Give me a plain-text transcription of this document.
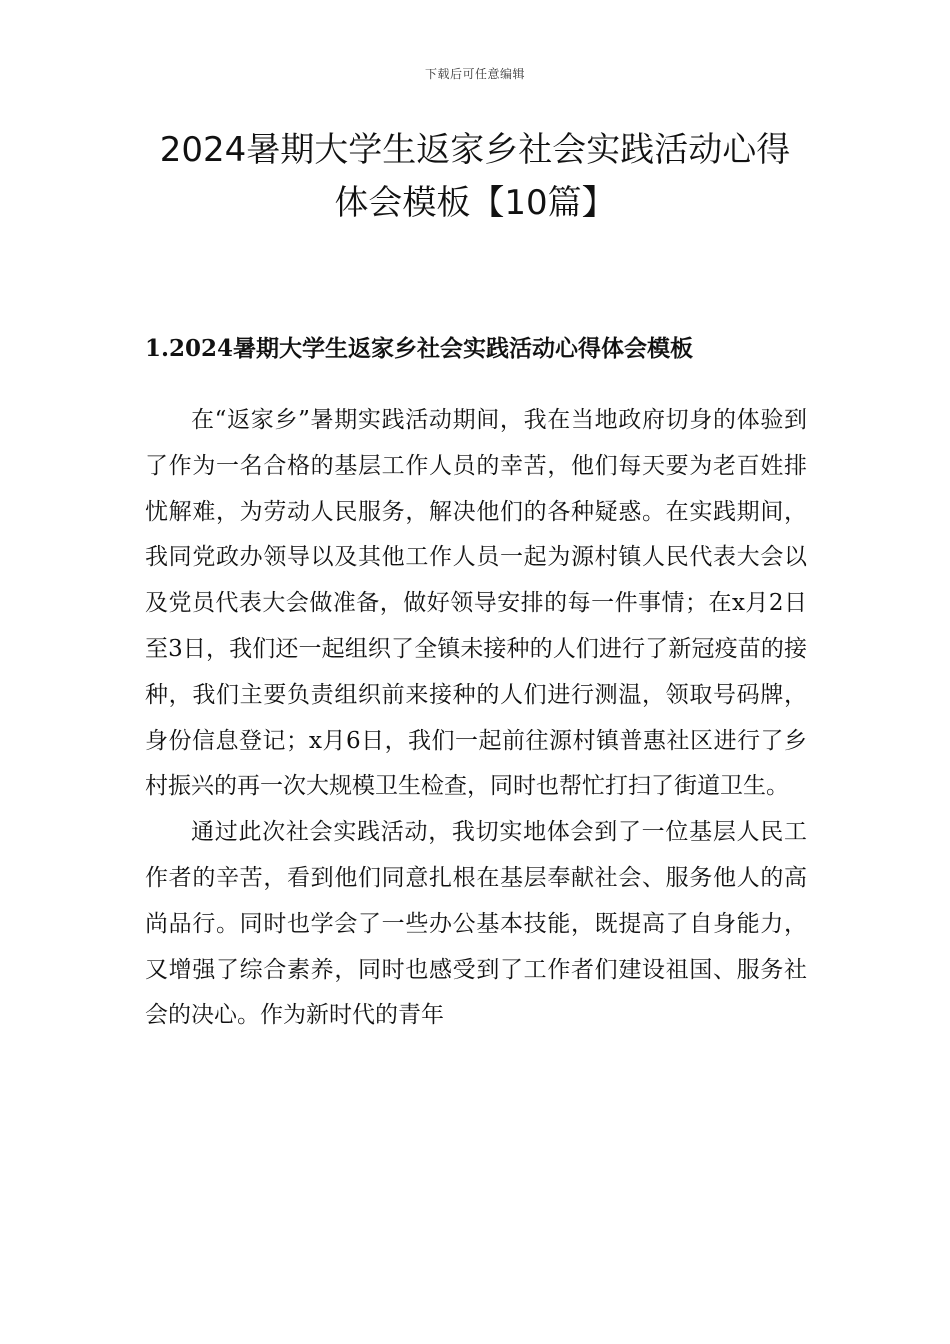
下载后可任意编辑
2024暑期大学生返家乡社会实践活动心得体会模板【10篇】
1.2024暑期大学生返家乡社会实践活动心得体会模板

在“返家乡”暑期实践活动期间，我在当地政府切身的体验到了作为一名合格的基层工作人员的幸苦，他们每天要为老百姓排忧解难，为劳动人民服务，解决他们的各种疑惑。在实践期间，我同党政办领导以及其他工作人员一起为源村镇人民代表大会以及党员代表大会做准备，做好领导安排的每一件事情；在x月2日至3日，我们还一起组织了全镇未接种的人们进行了新冠疫苗的接种，我们主要负责组织前来接种的人们进行测温，领取号码牌，身份信息登记；x月6日，我们一起前往源村镇普惠社区进行了乡村振兴的再一次大规模卫生检查，同时也帮忙打扫了街道卫生。

通过此次社会实践活动，我切实地体会到了一位基层人民工作者的辛苦，看到他们同意扎根在基层奉献社会、服务他人的高尚品行。同时也学会了一些办公基本技能，既提高了自身能力，又增强了综合素养，同时也感受到了工作者们建设祖国、服务社会的决心。作为新时代的青年
